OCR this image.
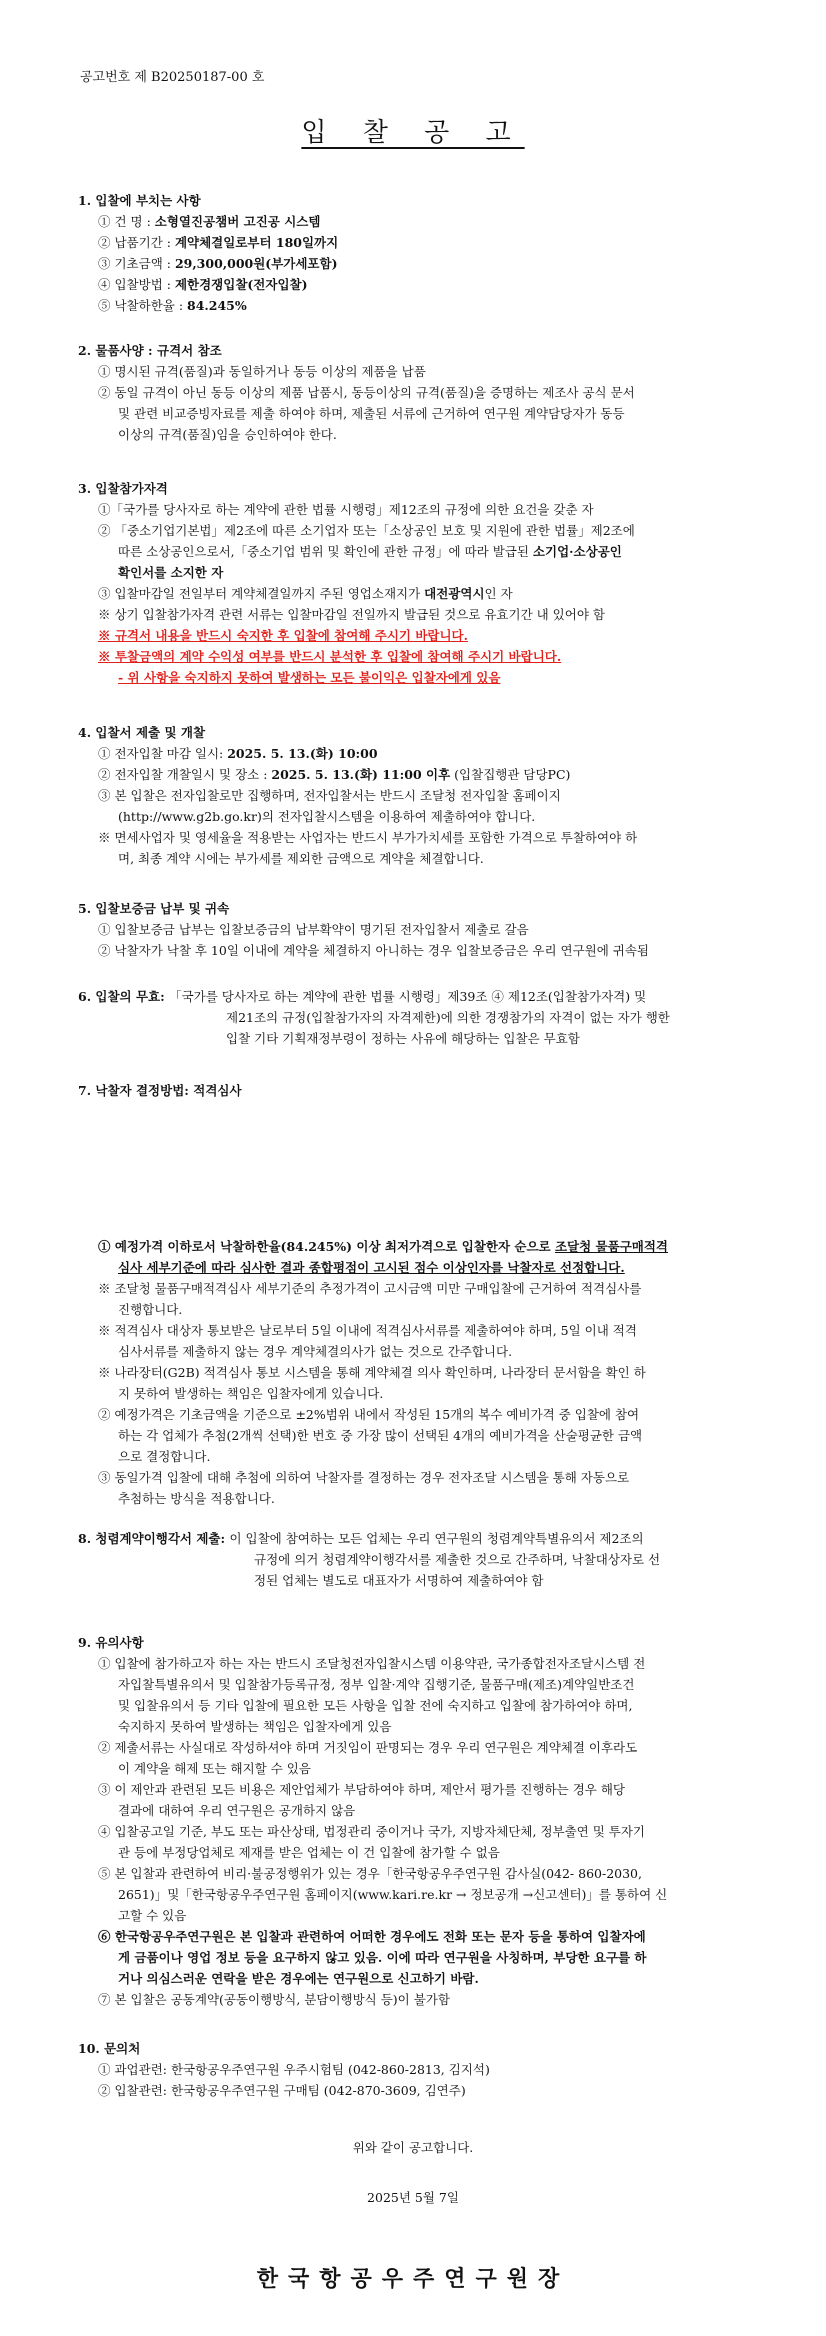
공고번호 제 B20250187-00 호
입 찰 공 고

1. 입찰에 부치는 사항

① 건 명 : 소형열진공챔버 고진공 시스템

② 납품기간 : 계약체결일로부터 180일까지

③ 기초금액 : 29,300,000원(부가세포함)

④ 입찰방법 : 제한경쟁입찰(전자입찰)

⑤ 낙찰하한율 : 84.245%

2. 물품사양 : 규격서 참조

① 명시된 규격(품질)과 동일하거나 동등 이상의 제품을 납품

② 동일 규격이 아닌 동등 이상의 제품 납품시, 동등이상의 규격(품질)을 증명하는 제조사 공식 문서

및 관련 비교증빙자료를 제출 하여야 하며, 제출된 서류에 근거하여 연구원 계약담당자가 동등

이상의 규격(품질)임을 승인하여야 한다.

3. 입찰참가자격

①「국가를 당사자로 하는 계약에 관한 법률 시행령」제12조의 규정에 의한 요건을 갖춘 자

② 「중소기업기본법」제2조에 따른 소기업자 또는「소상공인 보호 및 지원에 관한 법률」제2조에

따른 소상공인으로서,「중소기업 범위 및 확인에 관한 규정」에 따라 발급된 소기업·소상공인

확인서를 소지한 자

③ 입찰마감일 전일부터 계약체결일까지 주된 영업소재지가 대전광역시인 자

※ 상기 입찰참가자격 관련 서류는 입찰마감일 전일까지 발급된 것으로 유효기간 내 있어야 함

※ 규격서 내용을 반드시 숙지한 후 입찰에 참여해 주시기 바랍니다.

※ 투찰금액의 계약 수익성 여부를 반드시 분석한 후 입찰에 참여해 주시기 바랍니다.

- 위 사항을 숙지하지 못하여 발생하는 모든 불이익은 입찰자에게 있음

4. 입찰서 제출 및 개찰

① 전자입찰 마감 일시: 2025. 5. 13.(화) 10:00

② 전자입찰 개찰일시 및 장소 : 2025. 5. 13.(화) 11:00 이후 (입찰집행관 담당PC)

③ 본 입찰은 전자입찰로만 집행하며, 전자입찰서는 반드시 조달청 전자입찰 홈페이지

(http://www.g2b.go.kr)의 전자입찰시스템을 이용하여 제출하여야 합니다.

※ 면세사업자 및 영세율을 적용받는 사업자는 반드시 부가가치세를 포함한 가격으로 투찰하여야 하

며, 최종 계약 시에는 부가세를 제외한 금액으로 계약을 체결합니다.

5. 입찰보증금 납부 및 귀속

① 입찰보증금 납부는 입찰보증금의 납부확약이 명기된 전자입찰서 제출로 갈음

② 낙찰자가 낙찰 후 10일 이내에 계약을 체결하지 아니하는 경우 입찰보증금은 우리 연구원에 귀속됨

6. 입찰의 무효: 「국가를 당사자로 하는 계약에 관한 법률 시행령」제39조 ④ 제12조(입찰참가자격) 및

제21조의 규정(입찰참가자의 자격제한)에 의한 경쟁참가의 자격이 없는 자가 행한

입찰 기타 기획재정부령이 정하는 사유에 해당하는 입찰은 무효함

7. 낙찰자 결정방법: 적격심사

① 예정가격 이하로서 낙찰하한율(84.245%) 이상 최저가격으로 입찰한자 순으로 조달청 물품구매적격

심사 세부기준에 따라 심사한 결과 종합평점이 고시된 점수 이상인자를 낙찰자로 선정합니다.

※ 조달청 물품구매적격심사 세부기준의 추정가격이 고시금액 미만 구매입찰에 근거하여 적격심사를

진행합니다.

※ 적격심사 대상자 통보받은 날로부터 5일 이내에 적격심사서류를 제출하여야 하며, 5일 이내 적격

심사서류를 제출하지 않는 경우 계약체결의사가 없는 것으로 간주합니다.

※ 나라장터(G2B) 적격심사 통보 시스템을 통해 계약체결 의사 확인하며, 나라장터 문서함을 확인 하

지 못하여 발생하는 책임은 입찰자에게 있습니다.

② 예정가격은 기초금액을 기준으로 ±2%범위 내에서 작성된 15개의 복수 예비가격 중 입찰에 참여

하는 각 업체가 추첨(2개씩 선택)한 번호 중 가장 많이 선택된 4개의 예비가격을 산술평균한 금액

으로 결정합니다.

③ 동일가격 입찰에 대해 추첨에 의하여 낙찰자를 결정하는 경우 전자조달 시스템을 통해 자동으로

추첨하는 방식을 적용합니다.

8. 청렴계약이행각서 제출: 이 입찰에 참여하는 모든 업체는 우리 연구원의 청렴계약특별유의서 제2조의

규정에 의거 청렴계약이행각서를 제출한 것으로 간주하며, 낙찰대상자로 선

정된 업체는 별도로 대표자가 서명하여 제출하여야 함

9. 유의사항

① 입찰에 참가하고자 하는 자는 반드시 조달청전자입찰시스템 이용약관, 국가종합전자조달시스템 전

자입찰특별유의서 및 입찰참가등록규정, 정부 입찰·계약 집행기준, 물품구매(제조)계약일반조건

및 입찰유의서 등 기타 입찰에 필요한 모든 사항을 입찰 전에 숙지하고 입찰에 참가하여야 하며,

숙지하지 못하여 발생하는 책임은 입찰자에게 있음

② 제출서류는 사실대로 작성하셔야 하며 거짓임이 판명되는 경우 우리 연구원은 계약체결 이후라도

이 계약을 해제 또는 해지할 수 있음

③ 이 제안과 관련된 모든 비용은 제안업체가 부담하여야 하며, 제안서 평가를 진행하는 경우 해당

결과에 대하여 우리 연구원은 공개하지 않음

④ 입찰공고일 기준, 부도 또는 파산상태, 법정관리 중이거나 국가, 지방자체단체, 정부출연 및 투자기

관 등에 부정당업체로 제재를 받은 업체는 이 건 입찰에 참가할 수 없음

⑤ 본 입찰과 관련하여 비리·불공정행위가 있는 경우「한국항공우주연구원 감사실(042- 860-2030,

2651)」및「한국항공우주연구원 홈페이지(www.kari.re.kr → 정보공개 →신고센터)」를 통하여 신

고할 수 있음

⑥ 한국항공우주연구원은 본 입찰과 관련하여 어떠한 경우에도 전화 또는 문자 등을 통하여 입찰자에

게 금품이나 영업 정보 등을 요구하지 않고 있음. 이에 따라 연구원을 사칭하며, 부당한 요구를 하

거나 의심스러운 연락을 받은 경우에는 연구원으로 신고하기 바람.

⑦ 본 입찰은 공동계약(공동이행방식, 분담이행방식 등)이 불가함

10. 문의처

① 과업관련: 한국항공우주연구원 우주시험팀 (042-860-2813, 김지석)

② 입찰관련: 한국항공우주연구원 구매팀 (042-870-3609, 김연주)

위와 같이 공고합니다.
2025년 5월 7일
한국항공우주연구원장
